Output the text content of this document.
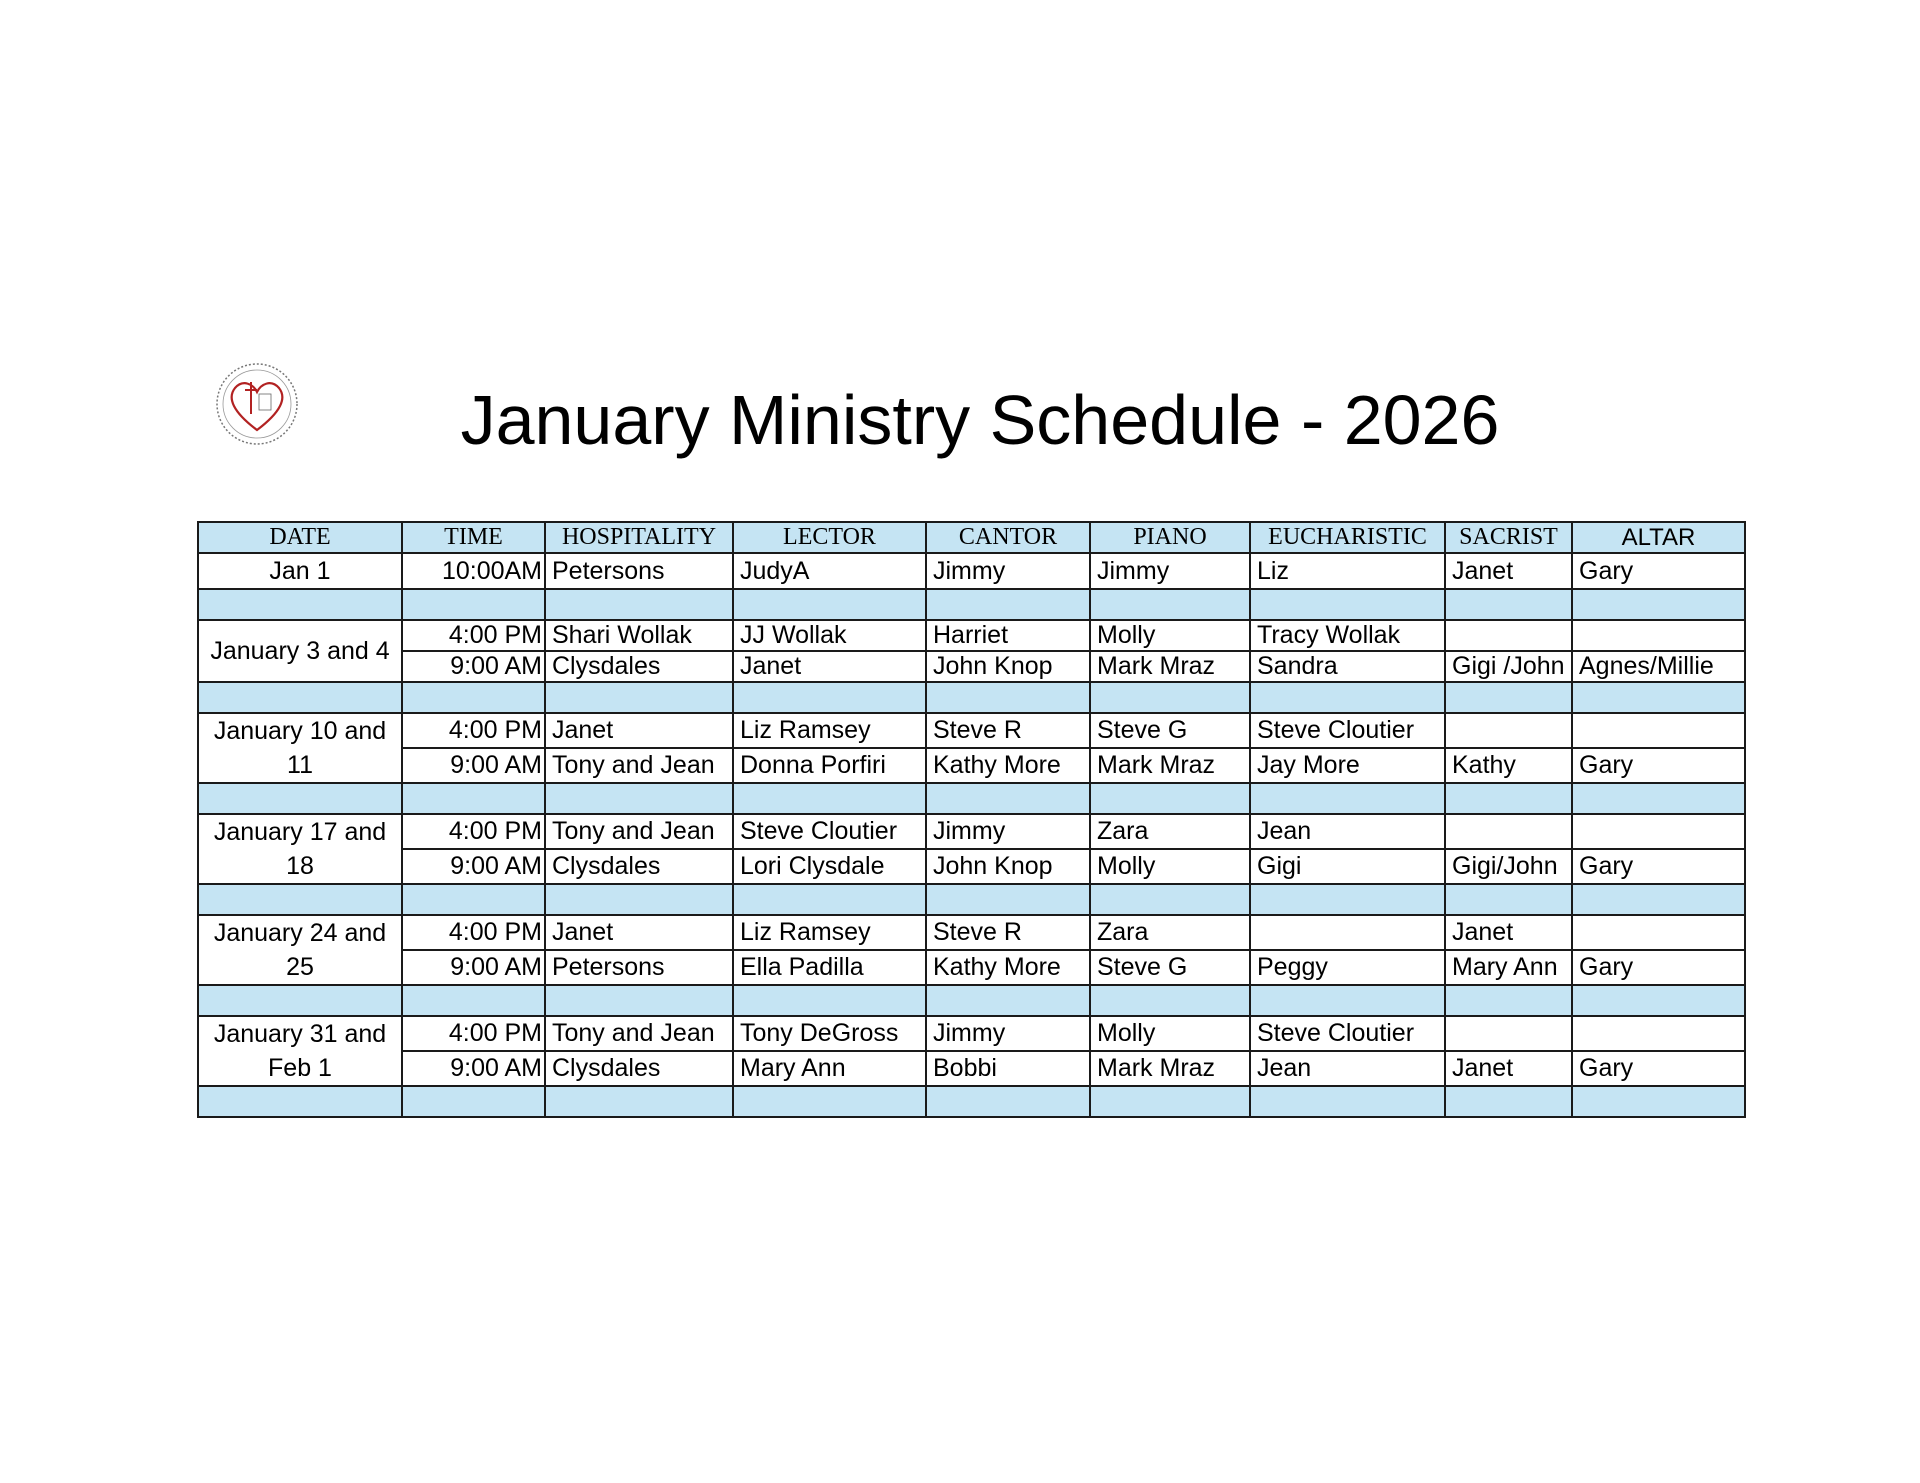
January Ministry Schedule - 2026
DATE	TIME	HOSPITALITY	LECTOR	CANTOR	PIANO	EUCHARISTIC	SACRIST	ALTAR
Jan 1	10:00AM	Petersons	JudyA	Jimmy	Jimmy	Liz	Janet	Gary

January 3 and 4	4:00 PM	Shari Wollak	JJ Wollak	Harriet	Molly	Tracy Wollak		
	9:00 AM	Clysdales	Janet	John Knop	Mark Mraz	Sandra	Gigi /John	Agnes/Millie

January 10 and 11	4:00 PM	Janet	Liz Ramsey	Steve R	Steve G	Steve Cloutier		
	9:00 AM	Tony and Jean	Donna Porfiri	Kathy More	Mark Mraz	Jay More	Kathy	Gary

January 17 and 18	4:00 PM	Tony and Jean	Steve Cloutier	Jimmy	Zara	Jean		
	9:00 AM	Clysdales	Lori Clysdale	John Knop	Molly	Gigi	Gigi/John	Gary

January 24 and 25	4:00 PM	Janet	Liz Ramsey	Steve R	Zara		Janet	
	9:00 AM	Petersons	Ella Padilla	Kathy More	Steve G	Peggy	Mary Ann	Gary

January 31 and Feb 1	4:00 PM	Tony and Jean	Tony DeGross	Jimmy	Molly	Steve Cloutier		
	9:00 AM	Clysdales	Mary Ann	Bobbi	Mark Mraz	Jean	Janet	Gary
